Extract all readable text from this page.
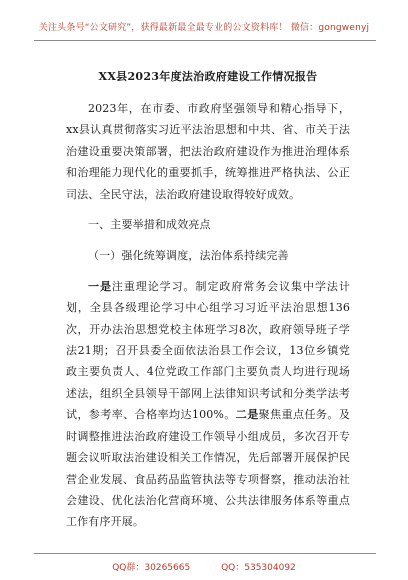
关注头条号“公文研究”，获得最新最全最专业的公文资料库！ 微信：gongwenyj
XX县2023年度法治政府建设工作情况报告

2023年，在市委、市政府坚强领导和精心指导下，xx县认真贯彻落实习近平法治思想和中共、省、市关于法治建设重要决策部署，把法治政府建设作为推进治理体系和治理能力现代化的重要抓手，统筹推进严格执法、公正司法、全民守法，法治政府建设取得较好成效。

一、主要举措和成效亮点

（一）强化统筹调度，法治体系持续完善

一是注重理论学习。制定政府常务会议集中学法计划，全县各级理论学习中心组学习习近平法治思想136次，开办法治思想党校主体班学习8次，政府领导班子学法21期；召开县委全面依法治县工作会议，13位乡镇党政主要负责人、4位党政工作部门主要负责人均进行现场述法，组织全县领导干部网上法律知识考试和分类学法考试，参考率、合格率均达100%。二是聚焦重点任务。及时调整推进法治政府建设工作领导小组成员，多次召开专题会议听取法治建设相关工作情况，先后部署开展保护民营企业发展、食品药品监管执法等专项督察，推动法治社会建设、优化法治化营商环境、公共法律服务体系等重点工作有序开展。

QQ群：30265665	QQ：535304092
